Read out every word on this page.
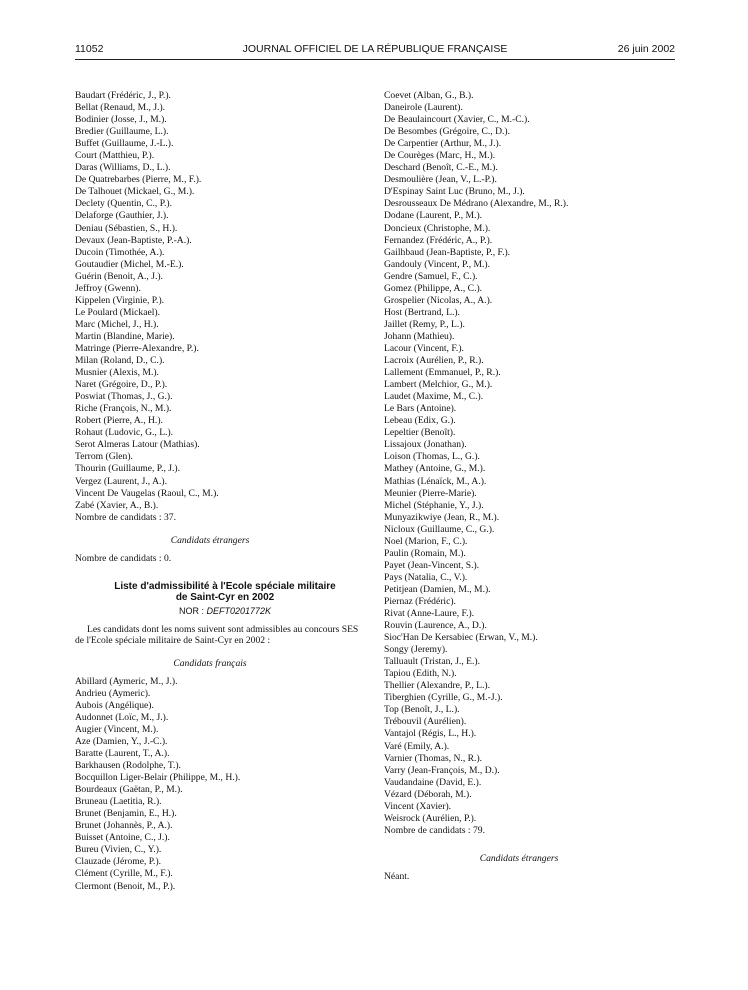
11052	JOURNAL OFFICIEL DE LA RÉPUBLIQUE FRANÇAISE	26 juin 2002
Baudart (Frédéric, J., P.).
Bellat (Renaud, M., J.).
Bodinier (Josse, J., M.).
Bredier (Guillaume, L.).
Buffet (Guillaume, J.-L.).
Court (Matthieu, P.).
Daras (Williams, D., L.).
De Quatrebarbes (Pierre, M., F.).
De Talhouet (Mickael, G., M.).
Declety (Quentin, C., P.).
Delaforge (Gauthier, J.).
Deniau (Sébastien, S., H.).
Devaux (Jean-Baptiste, P.-A.).
Ducoin (Timothée, A.).
Goutaudier (Michel, M.-E.).
Guérin (Benoit, A., J.).
Jeffroy (Gwenn).
Kippelen (Virginie, P.).
Le Poulard (Mickael).
Marc (Michel, J., H.).
Martin (Blandine, Marie).
Matringe (Pierre-Alexandre, P.).
Milan (Roland, D., C.).
Musnier (Alexis, M.).
Naret (Grégoire, D., P.).
Poswiat (Thomas, J., G.).
Riche (François, N., M.).
Robert (Pierre, A., H.).
Rohaut (Ludovic, G., L.).
Serot Almeras Latour (Mathias).
Terrom (Glen).
Thourin (Guillaume, P., J.).
Vergez (Laurent, J., A.).
Vincent De Vaugelas (Raoul, C., M.).
Zabé (Xavier, A., B.).
Nombre de candidats : 37.
Candidats étrangers
Nombre de candidats : 0.
Liste d'admissibilité à l'Ecole spéciale militaire
de Saint-Cyr en 2002
NOR : DEFT0201772K
Les candidats dont les noms suivent sont admissibles au concours SES de l'Ecole spéciale militaire de Saint-Cyr en 2002 :
Candidats français
Abillard (Aymeric, M., J.).
Andrieu (Aymeric).
Aubois (Angélique).
Audonnet (Loïc, M., J.).
Augier (Vincent, M.).
Aze (Damien, Y., J.-C.).
Baratte (Laurent, T., A.).
Barkhausen (Rodolphe, T.).
Bocquillon Liger-Belair (Philippe, M., H.).
Bourdeaux (Gaëtan, P., M.).
Bruneau (Laetitia, R.).
Brunet (Benjamin, E., H.).
Brunet (Johannès, P., A.).
Buisset (Antoine, C., J.).
Bureu (Vivien, C., Y.).
Clauzade (Jérome, P.).
Clément (Cyrille, M., F.).
Clermont (Benoit, M., P.).
Coevet (Alban, G., B.).
Daneirole (Laurent).
De Beaulaincourt (Xavier, C., M.-C.).
De Besombes (Grégoire, C., D.).
De Carpentier (Arthur, M., J.).
De Courèges (Marc, H., M.).
Deschard (Benoît, C.-E., M.).
Desmoulière (Jean, V., L.-P.).
D'Espinay Saint Luc (Bruno, M., J.).
Desrousseaux De Médrano (Alexandre, M., R.).
Dodane (Laurent, P., M.).
Doncieux (Christophe, M.).
Fernandez (Frédéric, A., P.).
Gailhbaud (Jean-Baptiste, P., F.).
Gandouly (Vincent, P., M.).
Gendre (Samuel, F., C.).
Gomez (Philippe, A., C.).
Grospelier (Nicolas, A., A.).
Host (Bertrand, L.).
Jaillet (Remy, P., L.).
Johann (Mathieu).
Lacour (Vincent, F.).
Lacroix (Aurélien, P., R.).
Lallement (Emmanuel, P., R.).
Lambert (Melchior, G., M.).
Laudet (Maxime, M., C.).
Le Bars (Antoine).
Lebeau (Edix, G.).
Lepeltier (Benoît).
Lissajoux (Jonathan).
Loison (Thomas, L., G.).
Mathey (Antoine, G., M.).
Mathias (Lénaïck, M., A.).
Meunier (Pierre-Marie).
Michel (Stéphanie, Y., J.).
Munyazikwiye (Jean, R., M.).
Nicloux (Guillaume, C., G.).
Noel (Marion, F., C.).
Paulin (Romain, M.).
Payet (Jean-Vincent, S.).
Pays (Natalia, C., V.).
Petitjean (Damien, M., M.).
Piernaz (Frédéric).
Rivat (Anne-Laure, F.).
Rouvin (Laurence, A., D.).
Sioc'Han De Kersabiec (Erwan, V., M.).
Songy (Jeremy).
Talluault (Tristan, J., E.).
Tapiou (Edith, N.).
Thellier (Alexandre, P., L.).
Tiberghien (Cyrille, G., M.-J.).
Top (Benoît, J., L.).
Trébouvil (Aurélien).
Vantajol (Régis, L., H.).
Varé (Emily, A.).
Varnier (Thomas, N., R.).
Varry (Jean-François, M., D.).
Vaudandaine (David, E.).
Vézard (Déborah, M.).
Vincent (Xavier).
Weisrock (Aurélien, P.).
Nombre de candidats : 79.
Candidats étrangers
Néant.
